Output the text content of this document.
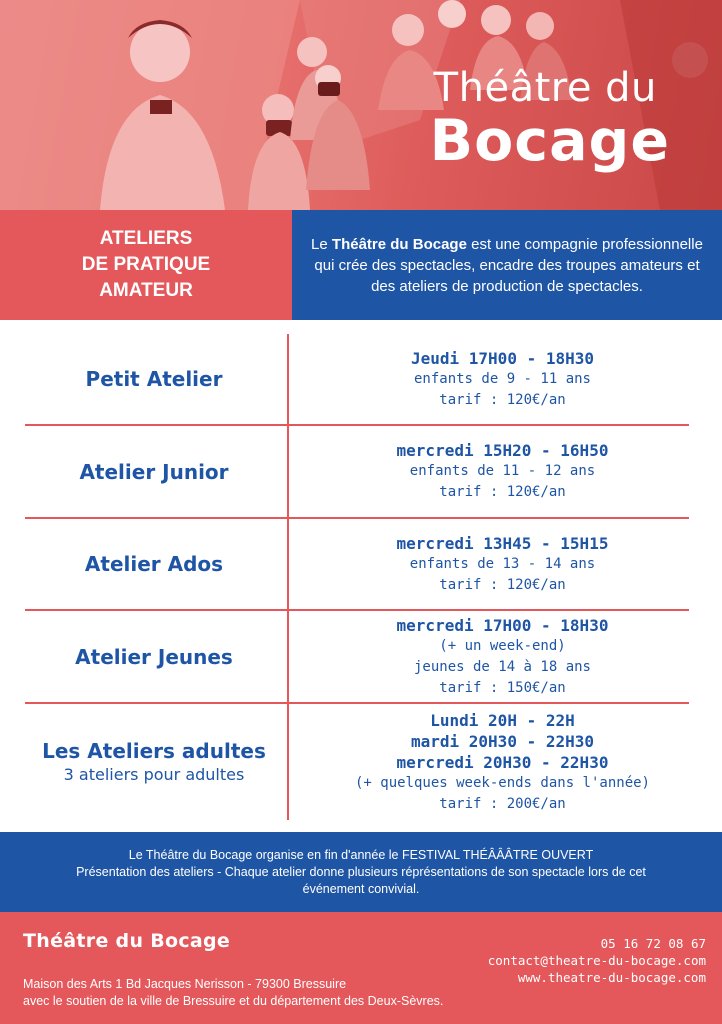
Théâtre du
Bocage
ATELIERS
DE PRATIQUE
AMATEUR

Le Théâtre du Bocage est une compagnie professionnelle qui crée des spectacles, encadre des troupes amateurs et des ateliers de production de spectacles.

Petit Atelier
Jeudi 17H00 - 18H30
enfants de 9 - 11 ans
tarif : 120€/an
Atelier Junior
mercredi 15H20 - 16H50
enfants de 11 - 12 ans
tarif : 120€/an
Atelier Ados
mercredi 13H45 - 15H15
enfants de 13 - 14 ans
tarif : 120€/an
Atelier Jeunes
mercredi 17H00 - 18H30
(+ un week-end)
jeunes de 14 à 18 ans
tarif : 150€/an
Les Ateliers adultes
3 ateliers pour adultes
Lundi 20H - 22H
mardi 20H30 - 22H30
mercredi 20H30 - 22H30
(+ quelques week-ends dans l'année)
tarif : 200€/an
Le Théâtre du Bocage organise en fin d'année le FESTIVAL THÉÂÂÂTRE OUVERT
Présentation des ateliers - Chaque atelier donne plusieurs réprésentations de son spectacle lors de cet
événement convivial.
Théâtre du Bocage	05 16 72 08 67
contact@theatre-du-bocage.com
www.theatre-du-bocage.com
Maison des Arts 1 Bd Jacques Nerisson - 79300 Bressuire
avec le soutien de la ville de Bressuire et du département des Deux-Sèvres.
